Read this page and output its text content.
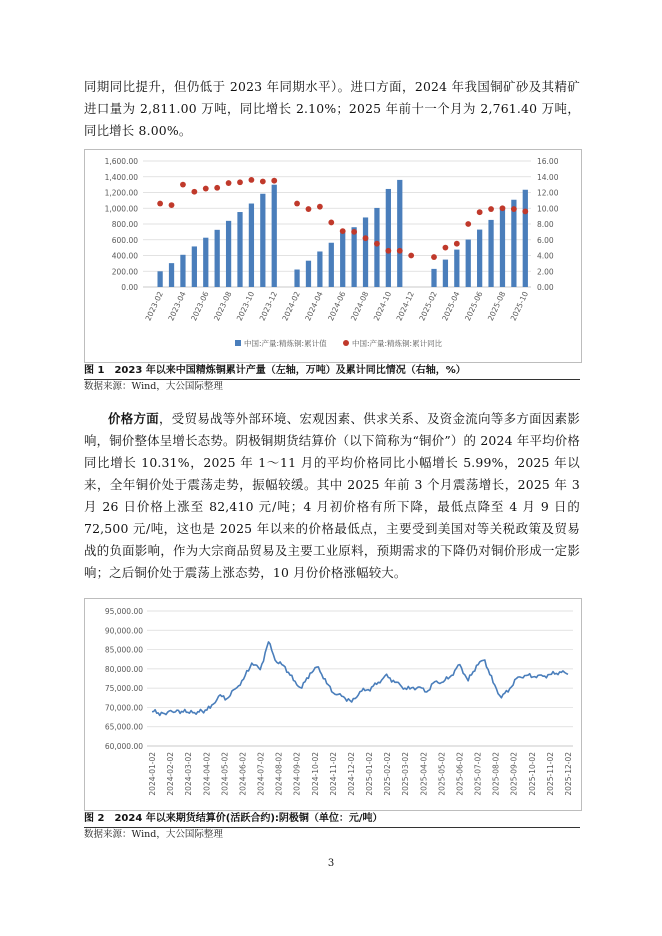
同期同比提升，但仍低于 2023 年同期水平）。进口方面，2024 年我国铜矿砂及其精矿进口量为 2,811.00 万吨，同比增长 2.10%；2025 年前十一个月为 2,761.40 万吨，同比增长 8.00%。

0.00
200.00
400.00
600.00
800.00
1,000.00
1,200.00
1,400.00
1,600.00
0.00
2.00
4.00
6.00
8.00
10.00
12.00
14.00
16.00
2023-02 2023-04 2023-06 2023-08 2023-10 2023-12 2024-02 2024-04 2024-06 2024-08 2024-10 2024-12 2025-02 2025-04 2025-06 2025-08 2025-10
中国:产量:精炼铜:累计值	中国:产量:精炼铜:累计同比
图 1　2023 年以来中国精炼铜累计产量（左轴，万吨）及累计同比情况（右轴，%）
数据来源：Wind，大公国际整理

价格方面，受贸易战等外部环境、宏观因素、供求关系、及资金流向等多方面因素影响，铜价整体呈增长态势。阴极铜期货结算价（以下简称为“铜价”）的 2024 年平均价格同比增长 10.31%，2025 年 1～11 月的平均价格同比小幅增长 5.99%，2025 年以来，全年铜价处于震荡走势，振幅较缓。其中 2025 年前 3 个月震荡增长，2025 年 3 月 26 日价格上涨至 82,410 元/吨；4 月初价格有所下降，最低点降至 4 月 9 日的 72,500 元/吨，这也是 2025 年以来的价格最低点，主要受到美国对等关税政策及贸易战的负面影响，作为大宗商品贸易及主要工业原料，预期需求的下降仍对铜价形成一定影响；之后铜价处于震荡上涨态势，10 月份价格涨幅较大。

60,000.00
65,000.00
70,000.00
75,000.00
80,000.00
85,000.00
90,000.00
95,000.00
2024-01-02 2024-02-02 2024-03-02 2024-04-02 2024-05-02 2024-06-02 2024-07-02 2024-08-02 2024-09-02 2024-10-02 2024-11-02 2024-12-02 2025-01-02 2025-02-02 2025-03-02 2025-04-02 2025-05-02 2025-06-02 2025-07-02 2025-08-02 2025-09-02 2025-10-02 2025-11-02 2025-12-02
图 2　2024 年以来期货结算价(活跃合约):阴极铜（单位：元/吨）
数据来源：Wind，大公国际整理
3
